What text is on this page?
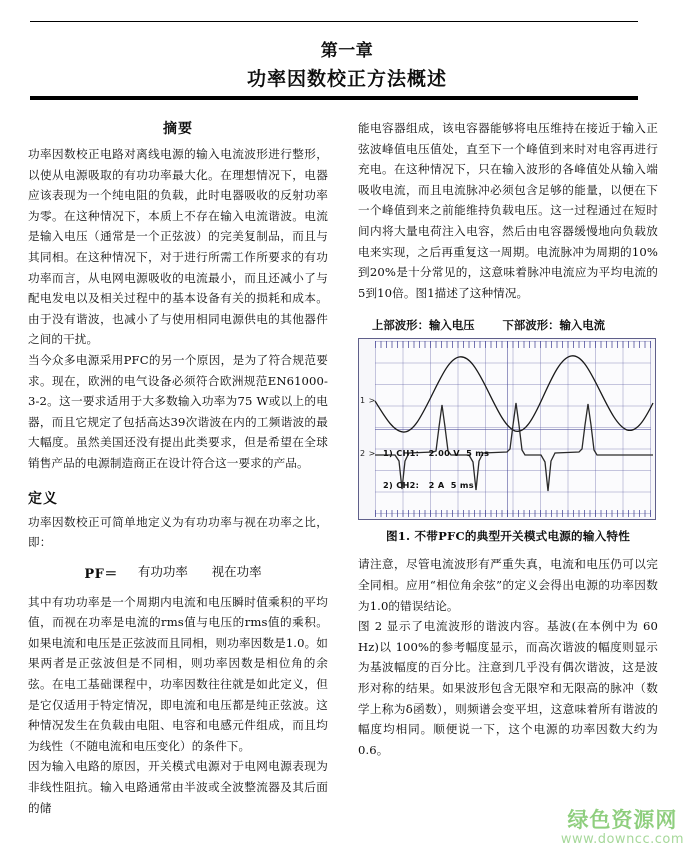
第一章
功率因数校正方法概述
摘要

功率因数校正电路对离线电源的输入电流波形进行整形，以使从电源吸取的有功功率最大化。在理想情况下，电器应该表现为一个纯电阻的负载，此时电器吸收的反射功率为零。在这种情况下，本质上不存在输入电流谐波。电流是输入电压（通常是一个正弦波）的完美复制品，而且与其同相。在这种情况下，对于进行所需工作所要求的有功功率而言，从电网电源吸收的电流最小，而且还减小了与配电发电以及相关过程中的基本设备有关的损耗和成本。由于没有谐波，也减小了与使用相同电源供电的其他器件之间的干扰。

当今众多电源采用PFC的另一个原因，是为了符合规范要求。现在，欧洲的电气设备必须符合欧洲规范EN61000-3-2。这一要求适用于大多数输入功率为75 W或以上的电器，而且它规定了包括高达39次谐波在内的工频谐波的最大幅度。虽然美国还没有提出此类要求，但是希望在全球销售产品的电源制造商正在设计符合这一要求的产品。

定义

功率因数校正可简单地定义为有功功率与视在功率之比，即：

PF＝	有功功率 视在功率

其中有功功率是一个周期内电流和电压瞬时值乘积的平均值，而视在功率是电流的rms值与电压的rms值的乘积。如果电流和电压是正弦波而且同相，则功率因数是1.0。如果两者是正弦波但是不同相，则功率因数是相位角的余弦。在电工基础课程中，功率因数往往就是如此定义，但是它仅适用于特定情况，即电流和电压都是纯正弦波。这种情况发生在负载由电阻、电容和电感元件组成，而且均为线性（不随电流和电压变化）的条件下。

因为输入电路的原因，开关模式电源对于电网电源表现为非线性阻抗。输入电路通常由半波或全波整流器及其后面的储

能电容器组成，该电容器能够将电压维持在接近于输入正弦波峰值电压值处，直至下一个峰值到来时对电容再进行充电。在这种情况下，只在输入波形的各峰值处从输入端吸收电流，而且电流脉冲必须包含足够的能量，以便在下一个峰值到来之前能维持负载电压。这一过程通过在短时间内将大量电荷注入电容，然后由电容器缓慢地向负载放电来实现，之后再重复这一周期。电流脉冲为周期的10%到20%是十分常见的，这意味着脉冲电流应为平均电流的5到10倍。图1描述了这种情况。

上部波形：输入电压 下部波形：输入电流
1 >
2 >

1) CH1:   2.00 V  5 ms

2) CH2:   2 A  5 ms

图1. 不带PFC的典型开关模式电源的输入特性

请注意，尽管电流波形有严重失真，电流和电压仍可以完全同相。应用“相位角余弦”的定义会得出电源的功率因数为1.0的错误结论。

图 2 显示了电流波形的谐波内容。基波(在本例中为 60 Hz)以 100%的参考幅度显示，而高次谐波的幅度则显示为基波幅度的百分比。注意到几乎没有偶次谐波，这是波形对称的结果。如果波形包含无限窄和无限高的脉冲（数学上称为δ函数），则频谱会变平坦，这意味着所有谐波的幅度均相同。顺便说一下，这个电源的功率因数大约为 0.6。

绿色资源网
www.downcc.com
